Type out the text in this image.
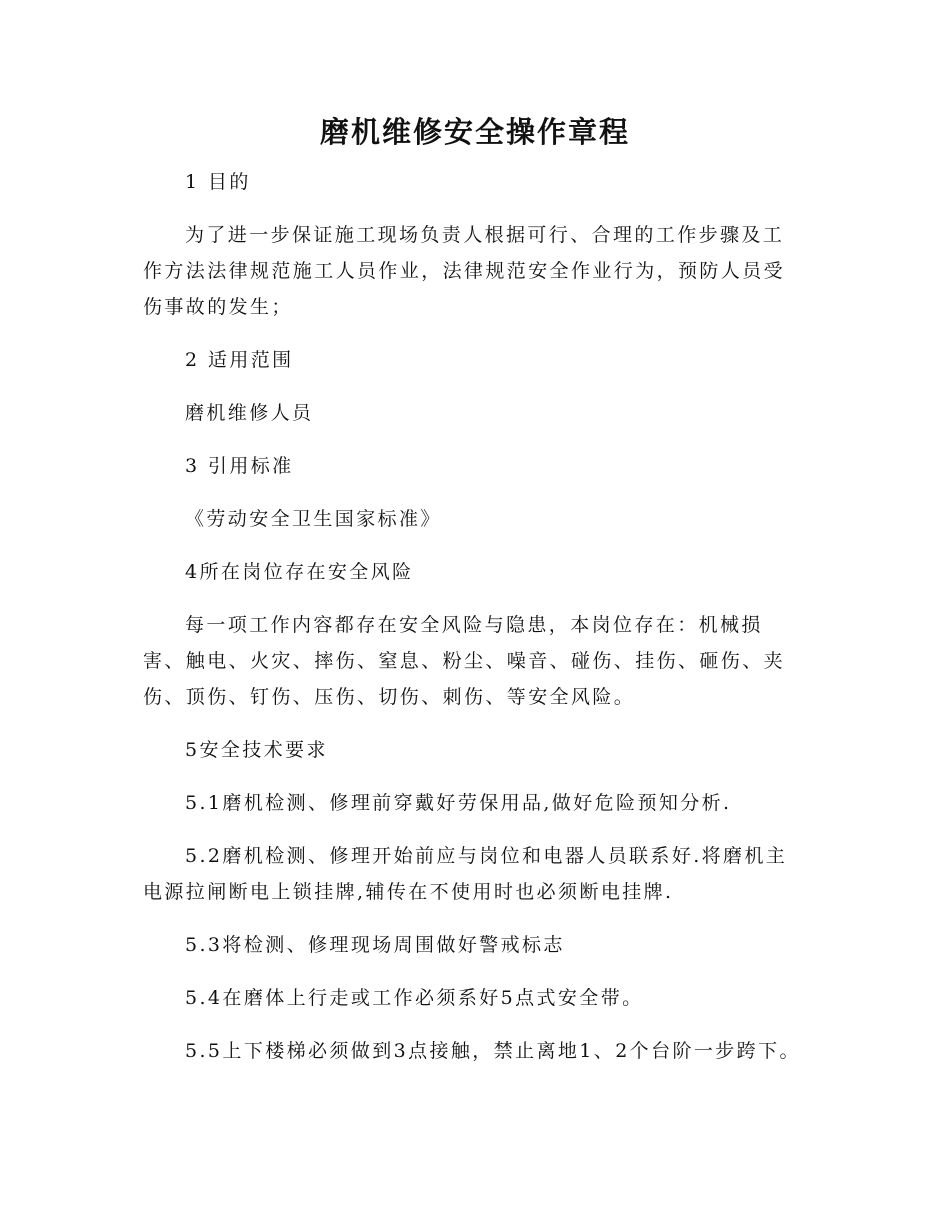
磨机维修安全操作章程

1 目的

为了进一步保证施工现场负责人根据可行、合理的工作步骤及工作方法法律规范施工人员作业，法律规范安全作业行为，预防人员受伤事故的发生；

2 适用范围

磨机维修人员

3 引用标准

《劳动安全卫生国家标准》

4所在岗位存在安全风险

每一项工作内容都存在安全风险与隐患，本岗位存在：机械损害、触电、火灾、摔伤、窒息、粉尘、噪音、碰伤、挂伤、砸伤、夹伤、顶伤、钉伤、压伤、切伤、刺伤、等安全风险。

5安全技术要求

5.1磨机检测、修理前穿戴好劳保用品,做好危险预知分析.

5.2磨机检测、修理开始前应与岗位和电器人员联系好.将磨机主电源拉闸断电上锁挂牌,辅传在不使用时也必须断电挂牌.

5.3将检测、修理现场周围做好警戒标志

5.4在磨体上行走或工作必须系好5点式安全带。

5.5上下楼梯必须做到3点接触，禁止离地1、2个台阶一步跨下。
